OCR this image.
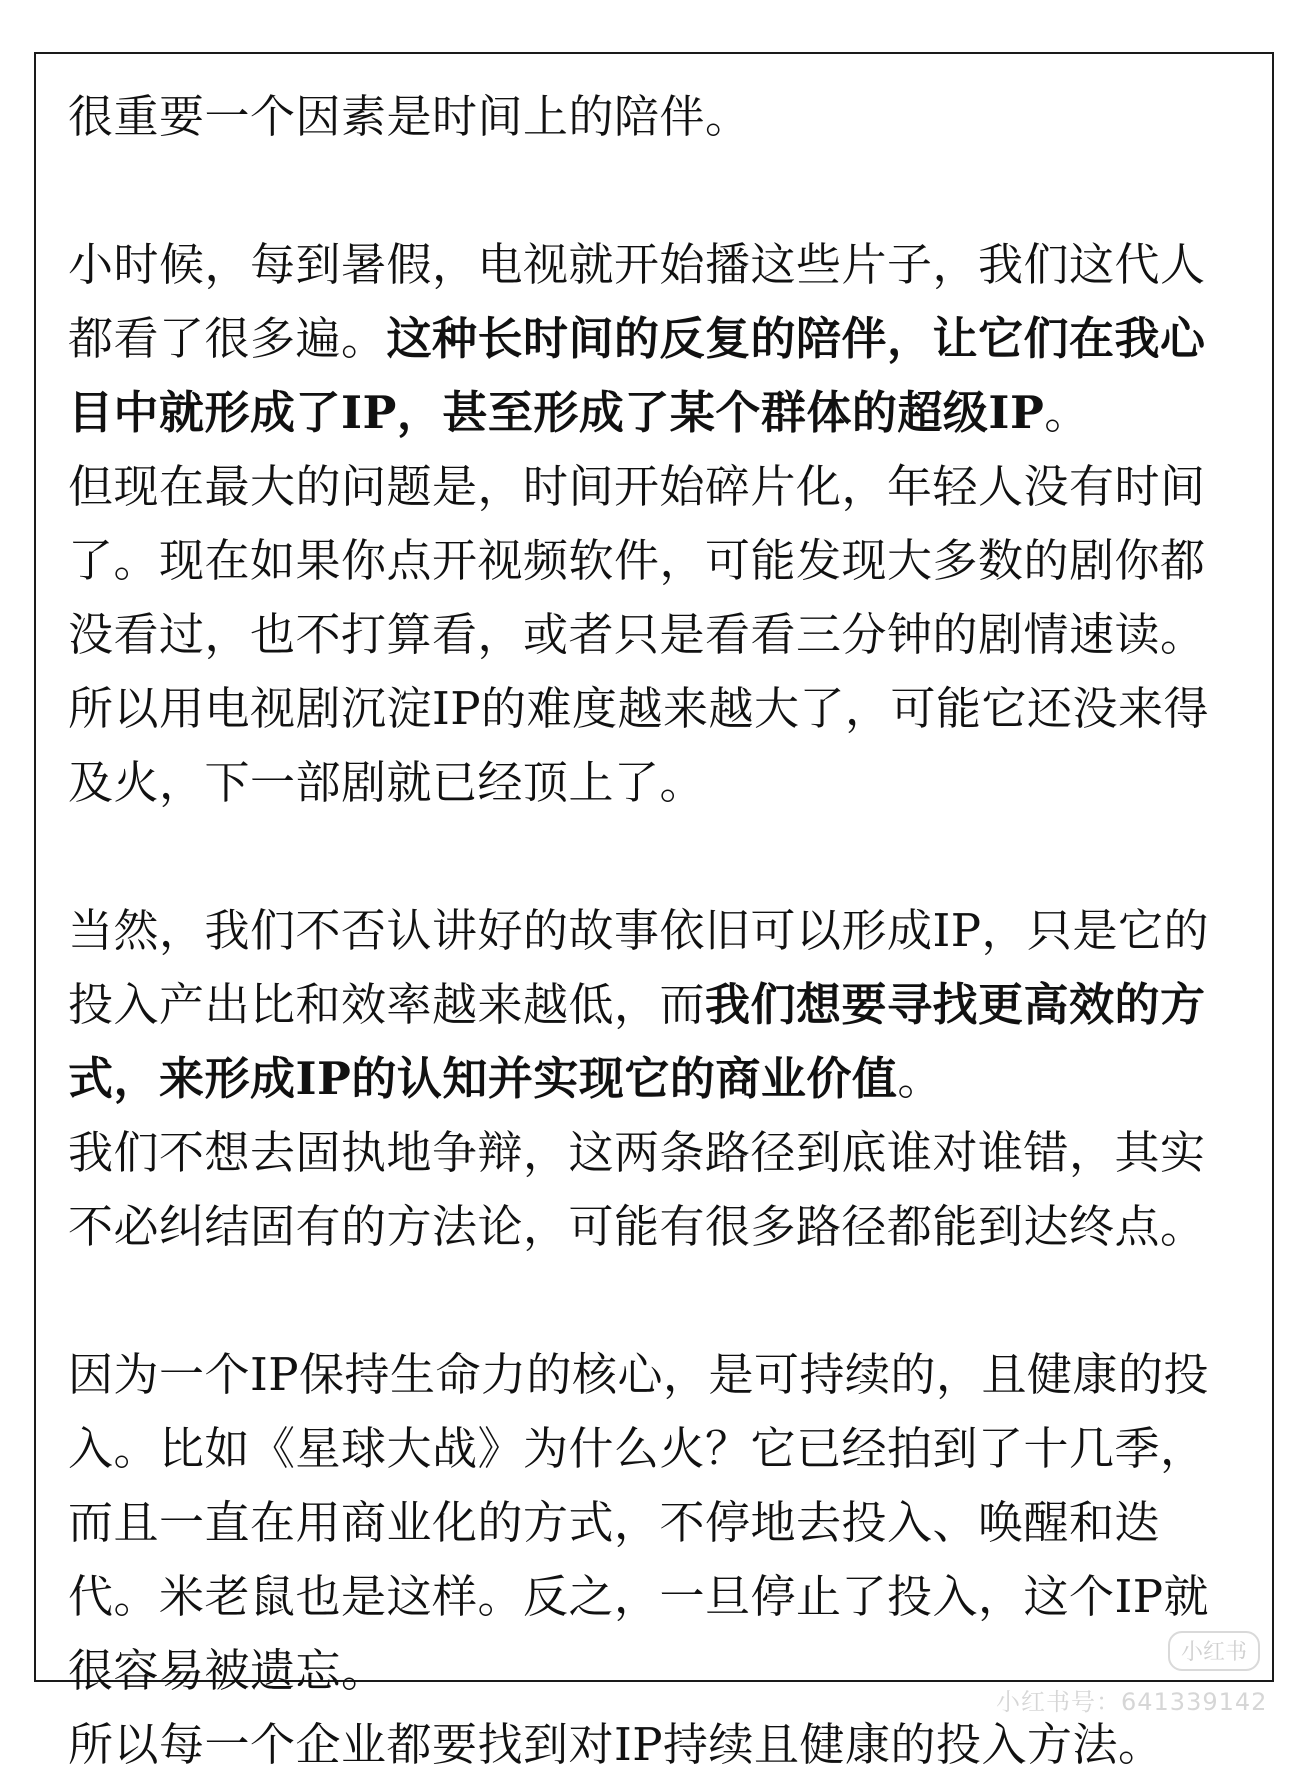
很重要一个因素是时间上的陪伴。
小时候，每到暑假，电视就开始播这些片子，我们这代人
都看了很多遍。这种长时间的反复的陪伴，让它们在我心
目中就形成了IP，甚至形成了某个群体的超级IP。
但现在最大的问题是，时间开始碎片化，年轻人没有时间
了。现在如果你点开视频软件，可能发现大多数的剧你都
没看过，也不打算看，或者只是看看三分钟的剧情速读。
所以用电视剧沉淀IP的难度越来越大了，可能它还没来得
及火，下一部剧就已经顶上了。
当然，我们不否认讲好的故事依旧可以形成IP，只是它的
投入产出比和效率越来越低，而我们想要寻找更高效的方
式，来形成IP的认知并实现它的商业价值。
我们不想去固执地争辩，这两条路径到底谁对谁错，其实
不必纠结固有的方法论，可能有很多路径都能到达终点。
因为一个IP保持生命力的核心，是可持续的，且健康的投
入。比如《星球大战》为什么火？它已经拍到了十几季，
而且一直在用商业化的方式，不停地去投入、唤醒和迭
代。米老鼠也是这样。反之，一旦停止了投入，这个IP就
很容易被遗忘。
所以每一个企业都要找到对IP持续且健康的投入方法。
小红书
小红书号：641339142
